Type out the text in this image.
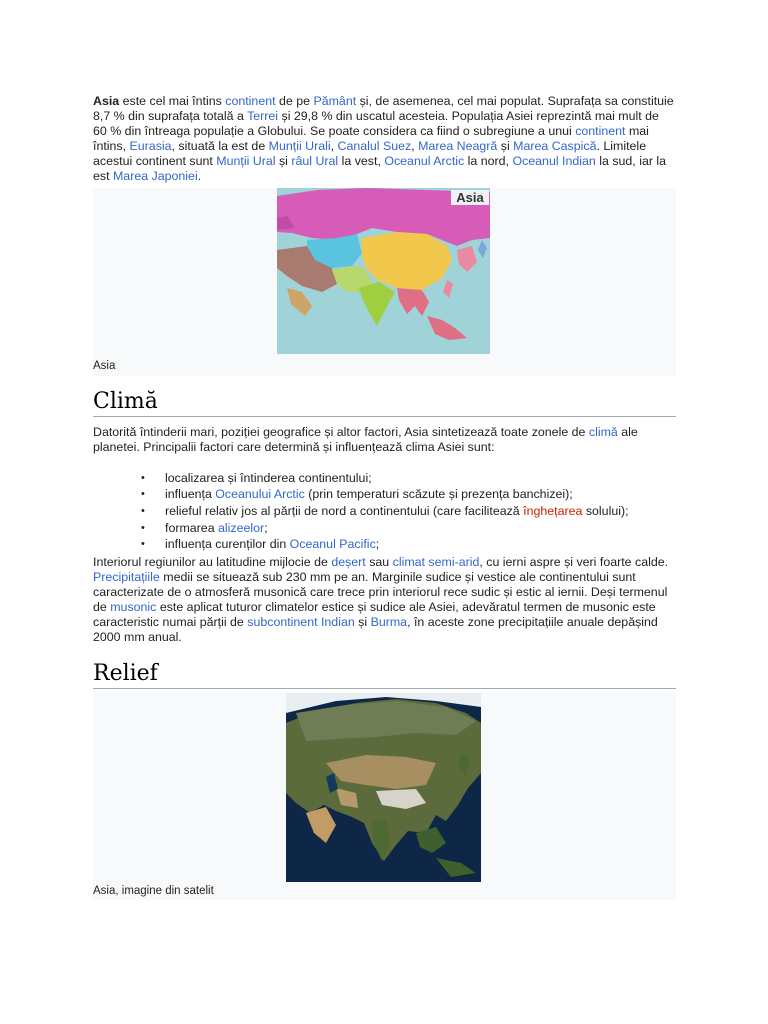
Asia este cel mai întins continent de pe Pământ și, de asemenea, cel mai populat. Suprafața sa constituie 8,7 % din suprafața totală a Terrei și 29,8 % din uscatul acesteia. Populația Asiei reprezintă mai mult de 60 % din întreaga populație a Globului. Se poate considera ca fiind o subregiune a unui continent mai întins, Eurasia, situată la est de Munții Urali, Canalul Suez, Marea Neagră și Marea Caspică. Limitele acestui continent sunt Munții Ural și râul Ural la vest, Oceanul Arctic la nord, Oceanul Indian la sud, iar la est Marea Japoniei.

Asia
Asia
Climă

Datorită întinderii mari, poziției geografice și altor factori, Asia sintetizează toate zonele de climă ale planetei. Principalii factori care determină și influențează clima Asiei sunt:

• localizarea și întinderea continentului;
• influența Oceanului Arctic (prin temperaturi scăzute și prezența banchizei);
• relieful relativ jos al părții de nord a continentului (care facilitează înghețarea solului);
• formarea alizeelor;
• influența curenților din Oceanul Pacific;

Interiorul regiunilor au latitudine mijlocie de deșert sau climat semi-arid, cu ierni aspre și veri foarte calde. Precipitațiile medii se situează sub 230 mm pe an. Marginile sudice și vestice ale continentului sunt caracterizate de o atmosferă musonică care trece prin interiorul rece sudic și estic al iernii. Deși termenul de musonic este aplicat tuturor climatelor estice și sudice ale Asiei, adevăratul termen de musonic este caracteristic numai părții de subcontinent Indian și Burma, în aceste zone precipitațiile anuale depășind 2000 mm anual.

Relief
Asia, imagine din satelit
